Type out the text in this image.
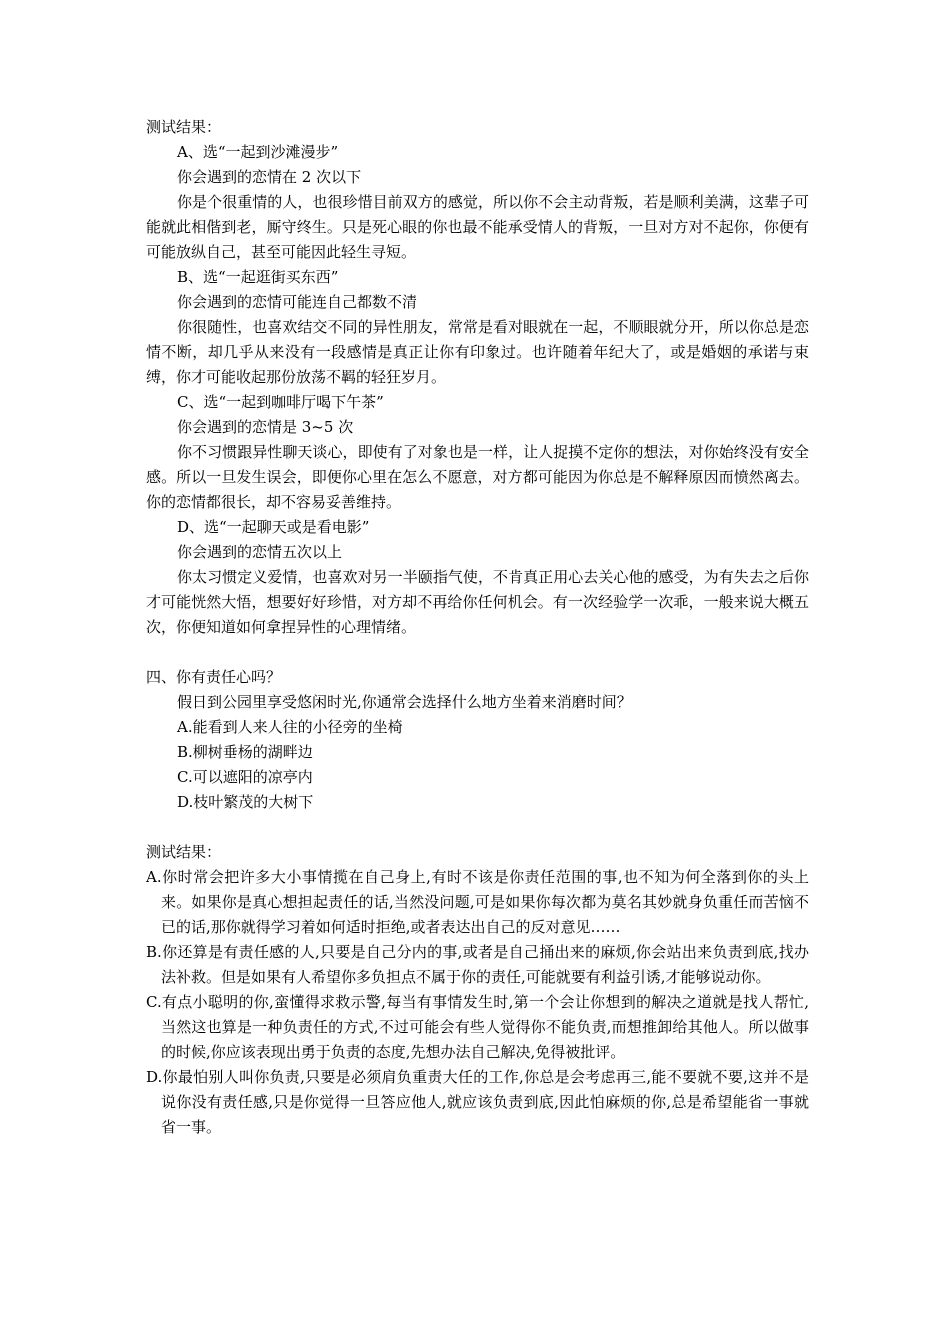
测试结果：
A、选“一起到沙滩漫步”
你会遇到的恋情在 2 次以下
你是个很重情的人，也很珍惜目前双方的感觉，所以你不会主动背叛，若是顺利美满，这辈子可能就此相偕到老，厮守终生。只是死心眼的你也最不能承受情人的背叛，一旦对方对不起你，你便有可能放纵自己，甚至可能因此轻生寻短。
B、选“一起逛街买东西”
你会遇到的恋情可能连自己都数不清
你很随性，也喜欢结交不同的异性朋友，常常是看对眼就在一起，不顺眼就分开，所以你总是恋情不断，却几乎从来没有一段感情是真正让你有印象过。也许随着年纪大了，或是婚姻的承诺与束缚，你才可能收起那份放荡不羁的轻狂岁月。
C、选“一起到咖啡厅喝下午茶”
你会遇到的恋情是 3~5 次
你不习惯跟异性聊天谈心，即使有了对象也是一样，让人捉摸不定你的想法，对你始终没有安全感。所以一旦发生误会，即便你心里在怎么不愿意，对方都可能因为你总是不解释原因而愤然离去。你的恋情都很长，却不容易妥善维持。
D、选“一起聊天或是看电影”
你会遇到的恋情五次以上
你太习惯定义爱情，也喜欢对另一半颐指气使，不肯真正用心去关心他的感受，为有失去之后你才可能恍然大悟，想要好好珍惜，对方却不再给你任何机会。有一次经验学一次乖，一般来说大概五次，你便知道如何拿捏异性的心理情绪。
四、你有责任心吗？
假日到公园里享受悠闲时光,你通常会选择什么地方坐着来消磨时间？
A.能看到人来人往的小径旁的坐椅
B.柳树垂杨的湖畔边
C.可以遮阳的凉亭内
D.枝叶繁茂的大树下
测试结果：
A.你时常会把许多大小事情揽在自己身上,有时不该是你责任范围的事,也不知为何全落到你的头上来。如果你是真心想担起责任的话,当然没问题,可是如果你每次都为莫名其妙就身负重任而苦恼不已的话,那你就得学习着如何适时拒绝,或者表达出自己的反对意见……
B.你还算是有责任感的人,只要是自己分内的事,或者是自己捅出来的麻烦,你会站出来负责到底,找办法补救。但是如果有人希望你多负担点不属于你的责任,可能就要有利益引诱,才能够说动你。
C.有点小聪明的你,蛮懂得求救示警,每当有事情发生时,第一个会让你想到的解决之道就是找人帮忙,当然这也算是一种负责任的方式,不过可能会有些人觉得你不能负责,而想推卸给其他人。所以做事的时候,你应该表现出勇于负责的态度,先想办法自己解决,免得被批评。
D.你最怕别人叫你负责,只要是必须肩负重责大任的工作,你总是会考虑再三,能不要就不要,这并不是说你没有责任感,只是你觉得一旦答应他人,就应该负责到底,因此怕麻烦的你,总是希望能省一事就省一事。
